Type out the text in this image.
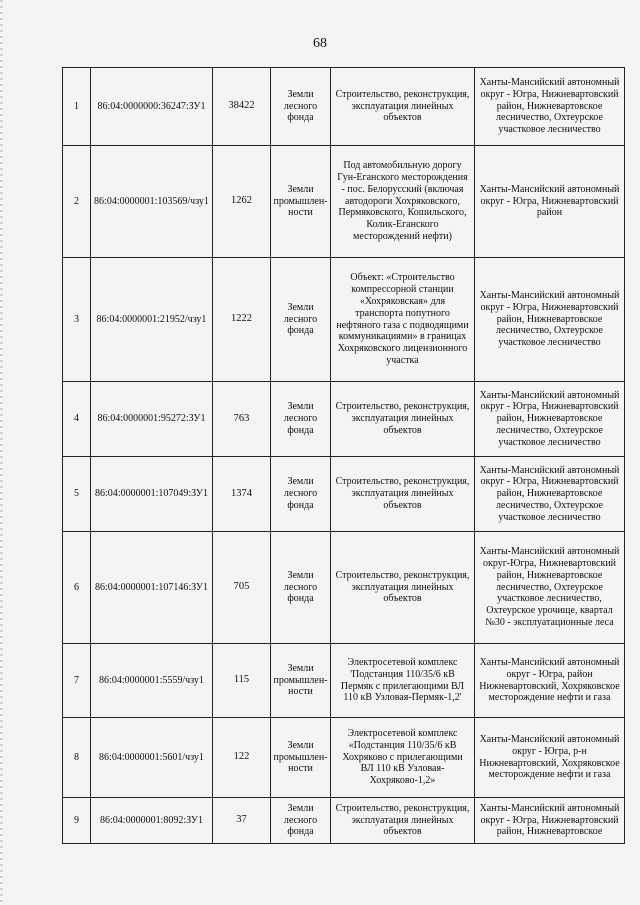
68
1	86:04:0000000:36247:ЗУ1	38422	Земли лесного фонда	Строительство, реконструкция, эксплуатация линейных объектов	Ханты-Мансийский автономный округ - Югра, Нижневартовский район, Нижневартовское лесничество, Охтеурское участковое лесничество
2	86:04:0000001:103569/чзу1	1262	Земли промышлен-ности	Под автомобильную дорогу Гун-Еганского месторождения - пос. Белорусский (включая автодороги Хохряковского, Пермяковского, Кошильского, Колик-Еганского месторождений нефти)	Ханты-Мансийский автономный округ - Югра, Нижневартовский район
3	86:04:0000001:21952/чзу1	1222	Земли лесного фонда	Объект: «Строительство компрессорной станции «Хохряковская» для транспорта попутного нефтяного газа с подводящими коммуникациями» в границах Хохряковского лицензионного участка	Ханты-Мансийский автономный округ - Югра, Нижневартовский район, Нижневартовское лесничество, Охтеурское участковое лесничество
4	86:04:0000001:95272:ЗУ1	763	Земли лесного фонда	Строительство, реконструкция, эксплуатация линейных объектов	Ханты-Мансийский автономный округ - Югра, Нижневартовский район, Нижневартовское лесничество, Охтеурское участковое лесничество
5	86:04:0000001:107049:ЗУ1	1374	Земли лесного фонда	Строительство, реконструкция, эксплуатация линейных объектов	Ханты-Мансийский автономный округ - Югра, Нижневартовский район, Нижневартовское лесничество, Охтеурское участковое лесничество
6	86:04:0000001:107146:ЗУ1	705	Земли лесного фонда	Строительство, реконструкция, эксплуатация линейных объектов	Ханты-Мансийский автономный округ-Югра, Нижневартовский район, Нижневартовское лесничество, Охтеурское участковое лесничество, Охтеурское урочище, квартал №30 - эксплуатационные леса
7	86:04:0000001:5559/чзу1	115	Земли промышлен-ности	Электросетевой комплекс 'Подстанция 110/35/6 кВ Пермяк с прилегающими ВЛ 110 кВ Узловая-Пермяк-1,2'	Ханты-Мансийский автономный округ - Югра, район Нижневартовский, Хохряковское месторождение нефти и газа
8	86:04:0000001:5601/чзу1	122	Земли промышлен-ности	Электросетевой комплекс «Подстанция 110/35/6 кВ Хохряково с прилегающими ВЛ 110 кВ Узловая-Хохряково-1,2»	Ханты-Мансийский автономный округ - Югра, р-н Нижневартовский, Хохряковское месторождение нефти и газа
9	86:04:0000001:8092:ЗУ1	37	Земли лесного фонда	Строительство, реконструкция, эксплуатация линейных объектов	Ханты-Мансийский автономный округ - Югра, Нижневартовский район, Нижневартовское
